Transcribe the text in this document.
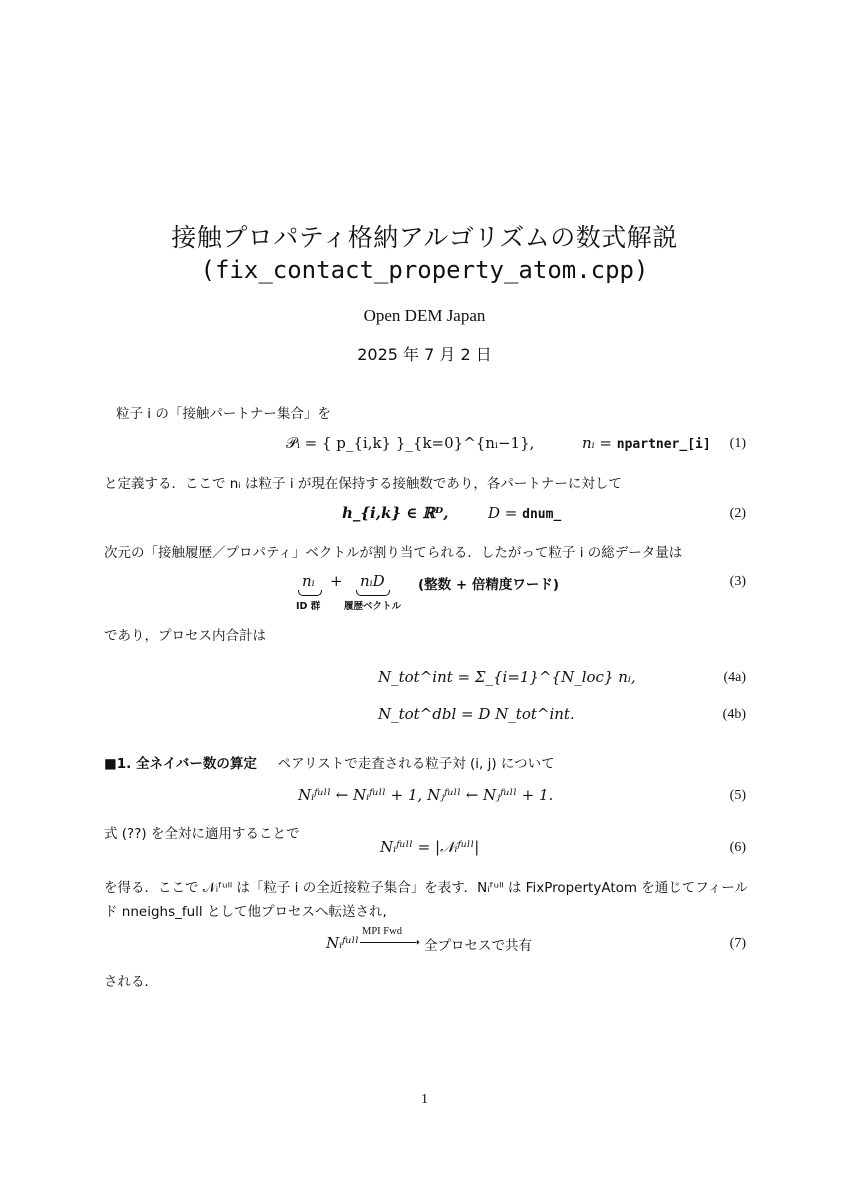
接触プロパティ格納アルゴリズムの数式解説
(fix_contact_property_atom.cpp)
Open DEM Japan
2025 年 7 月 2 日
粒子 i の「接触パートナー集合」を
𝒫ᵢ = { p_{i,k} }_{k=0}^{nᵢ−1},	nᵢ = npartner_[i]	(1)
と定義する．ここで nᵢ は粒子 i が現在保持する接触数であり，各パートナーに対して
h_{i,k} ∈ ℝᴰ,	D = dnum_	(2)
次元の「接触履歴／プロパティ」ベクトルが割り当てられる．したがって粒子 i の総データ量は
nᵢ
ID 群
+ nᵢD
履歴ベクトル
(整数 + 倍精度ワード)	(3)
であり，プロセス内合計は
N_tot^int = Σ_{i=1}^{N_loc} nᵢ,	(4a)
N_tot^dbl = D N_tot^int.	(4b)
■1. 全ネイバー数の算定 ペアリストで走査される粒子対 (i, j) について
Nᵢᶠᵘˡˡ ← Nᵢᶠᵘˡˡ + 1, Nⱼᶠᵘˡˡ ← Nⱼᶠᵘˡˡ + 1.	(5)
式 (??) を全対に適用することで
Nᵢᶠᵘˡˡ = |𝒩ᵢᶠᵘˡˡ|	(6)
を得る．ここで 𝒩ᵢᶠᵘˡˡ は「粒子 i の全近接粒子集合」を表す．Nᵢᶠᵘˡˡ は FixPropertyAtom を通じてフィール
ド nneighs_full として他プロセスへ転送され,
Nᵢᶠᵘˡˡ
MPI Fwd
➝ 全プロセスで共有	(7)
される．
1
